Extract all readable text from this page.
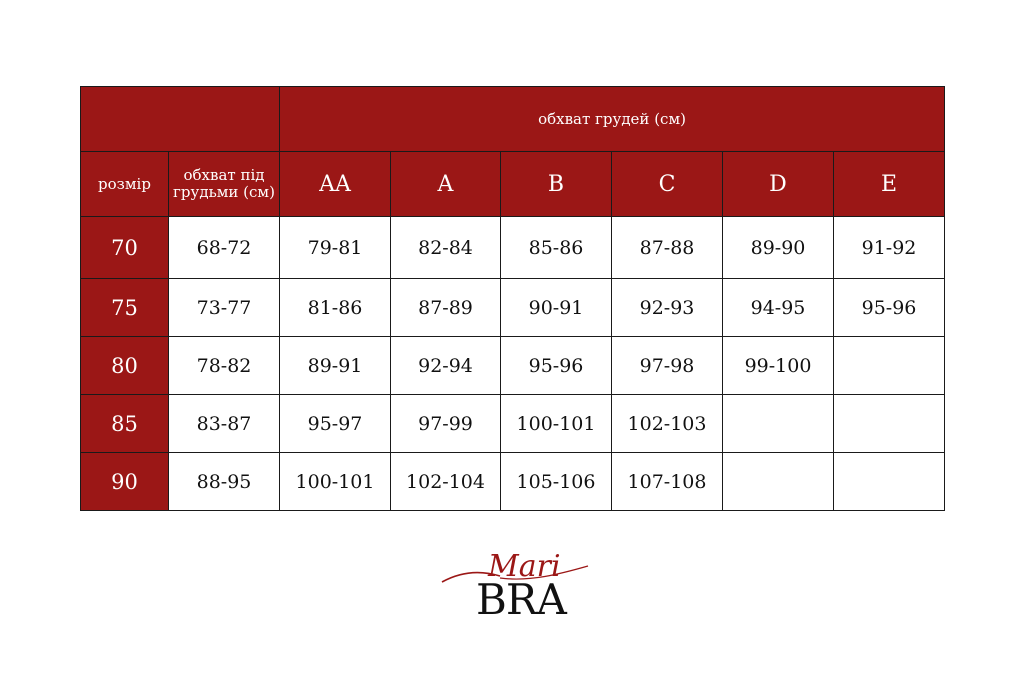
		обхват грудей (см)					
розмір	обхват під грудьми (см)	AA	A	B	C	D	E
70	68-72	79-81	82-84	85-86	87-88	89-90	91-92
75	73-77	81-86	87-89	90-91	92-93	94-95	95-96
80	78-82	89-91	92-94	95-96	97-98	99-100	
85	83-87	95-97	97-99	100-101	102-103		
90	88-95	100-101	102-104	105-106	107-108		
Mari
BRA
